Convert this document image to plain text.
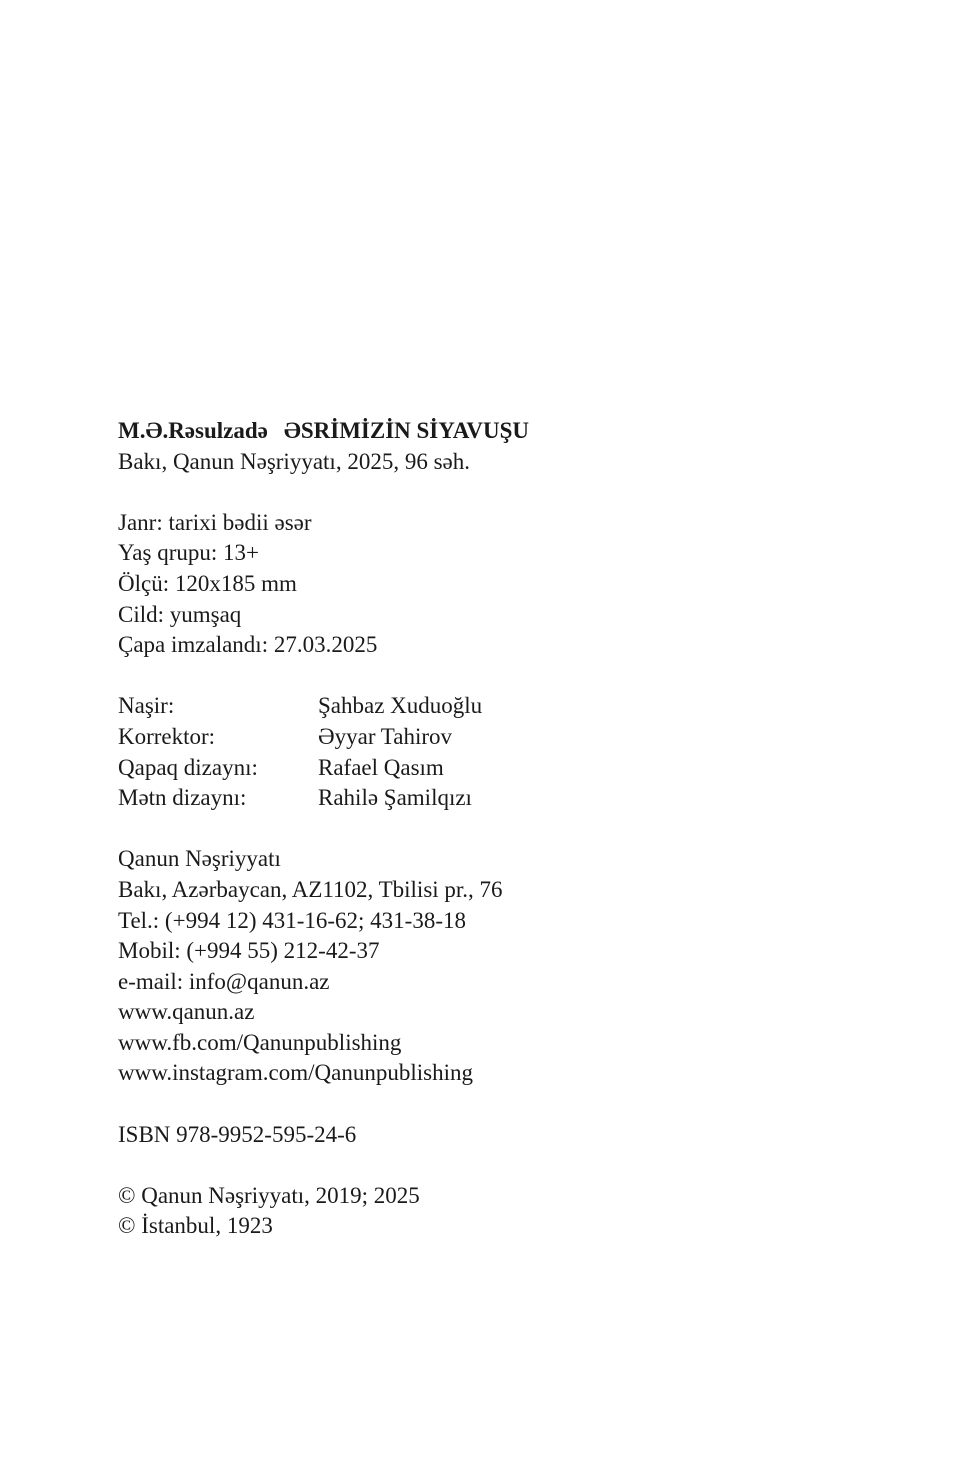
M.Ə.Rəsulzadə ƏSRİMİZİN SİYAVUŞU
Bakı, Qanun Nəşriyyatı, 2025, 96 səh.
Janr: tarixi bədii əsər
Yaş qrupu: 13+
Ölçü: 120x185 mm
Cild: yumşaq
Çapa imzalandı: 27.03.2025
Naşir:	Şahbaz Xuduoğlu
Korrektor:	Əyyar Tahirov
Qapaq dizaynı:	Rafael Qasım
Mətn dizaynı:	Rahilə Şamilqızı
Qanun Nəşriyyatı
Bakı, Azərbaycan, AZ1102, Tbilisi pr., 76
Tel.: (+994 12) 431-16-62; 431-38-18
Mobil: (+994 55) 212-42-37
e-mail: info@qanun.az
www.qanun.az
www.fb.com/Qanunpublishing
www.instagram.com/Qanunpublishing
ISBN 978-9952-595-24-6
© Qanun Nəşriyyatı, 2019; 2025
© İstanbul, 1923
